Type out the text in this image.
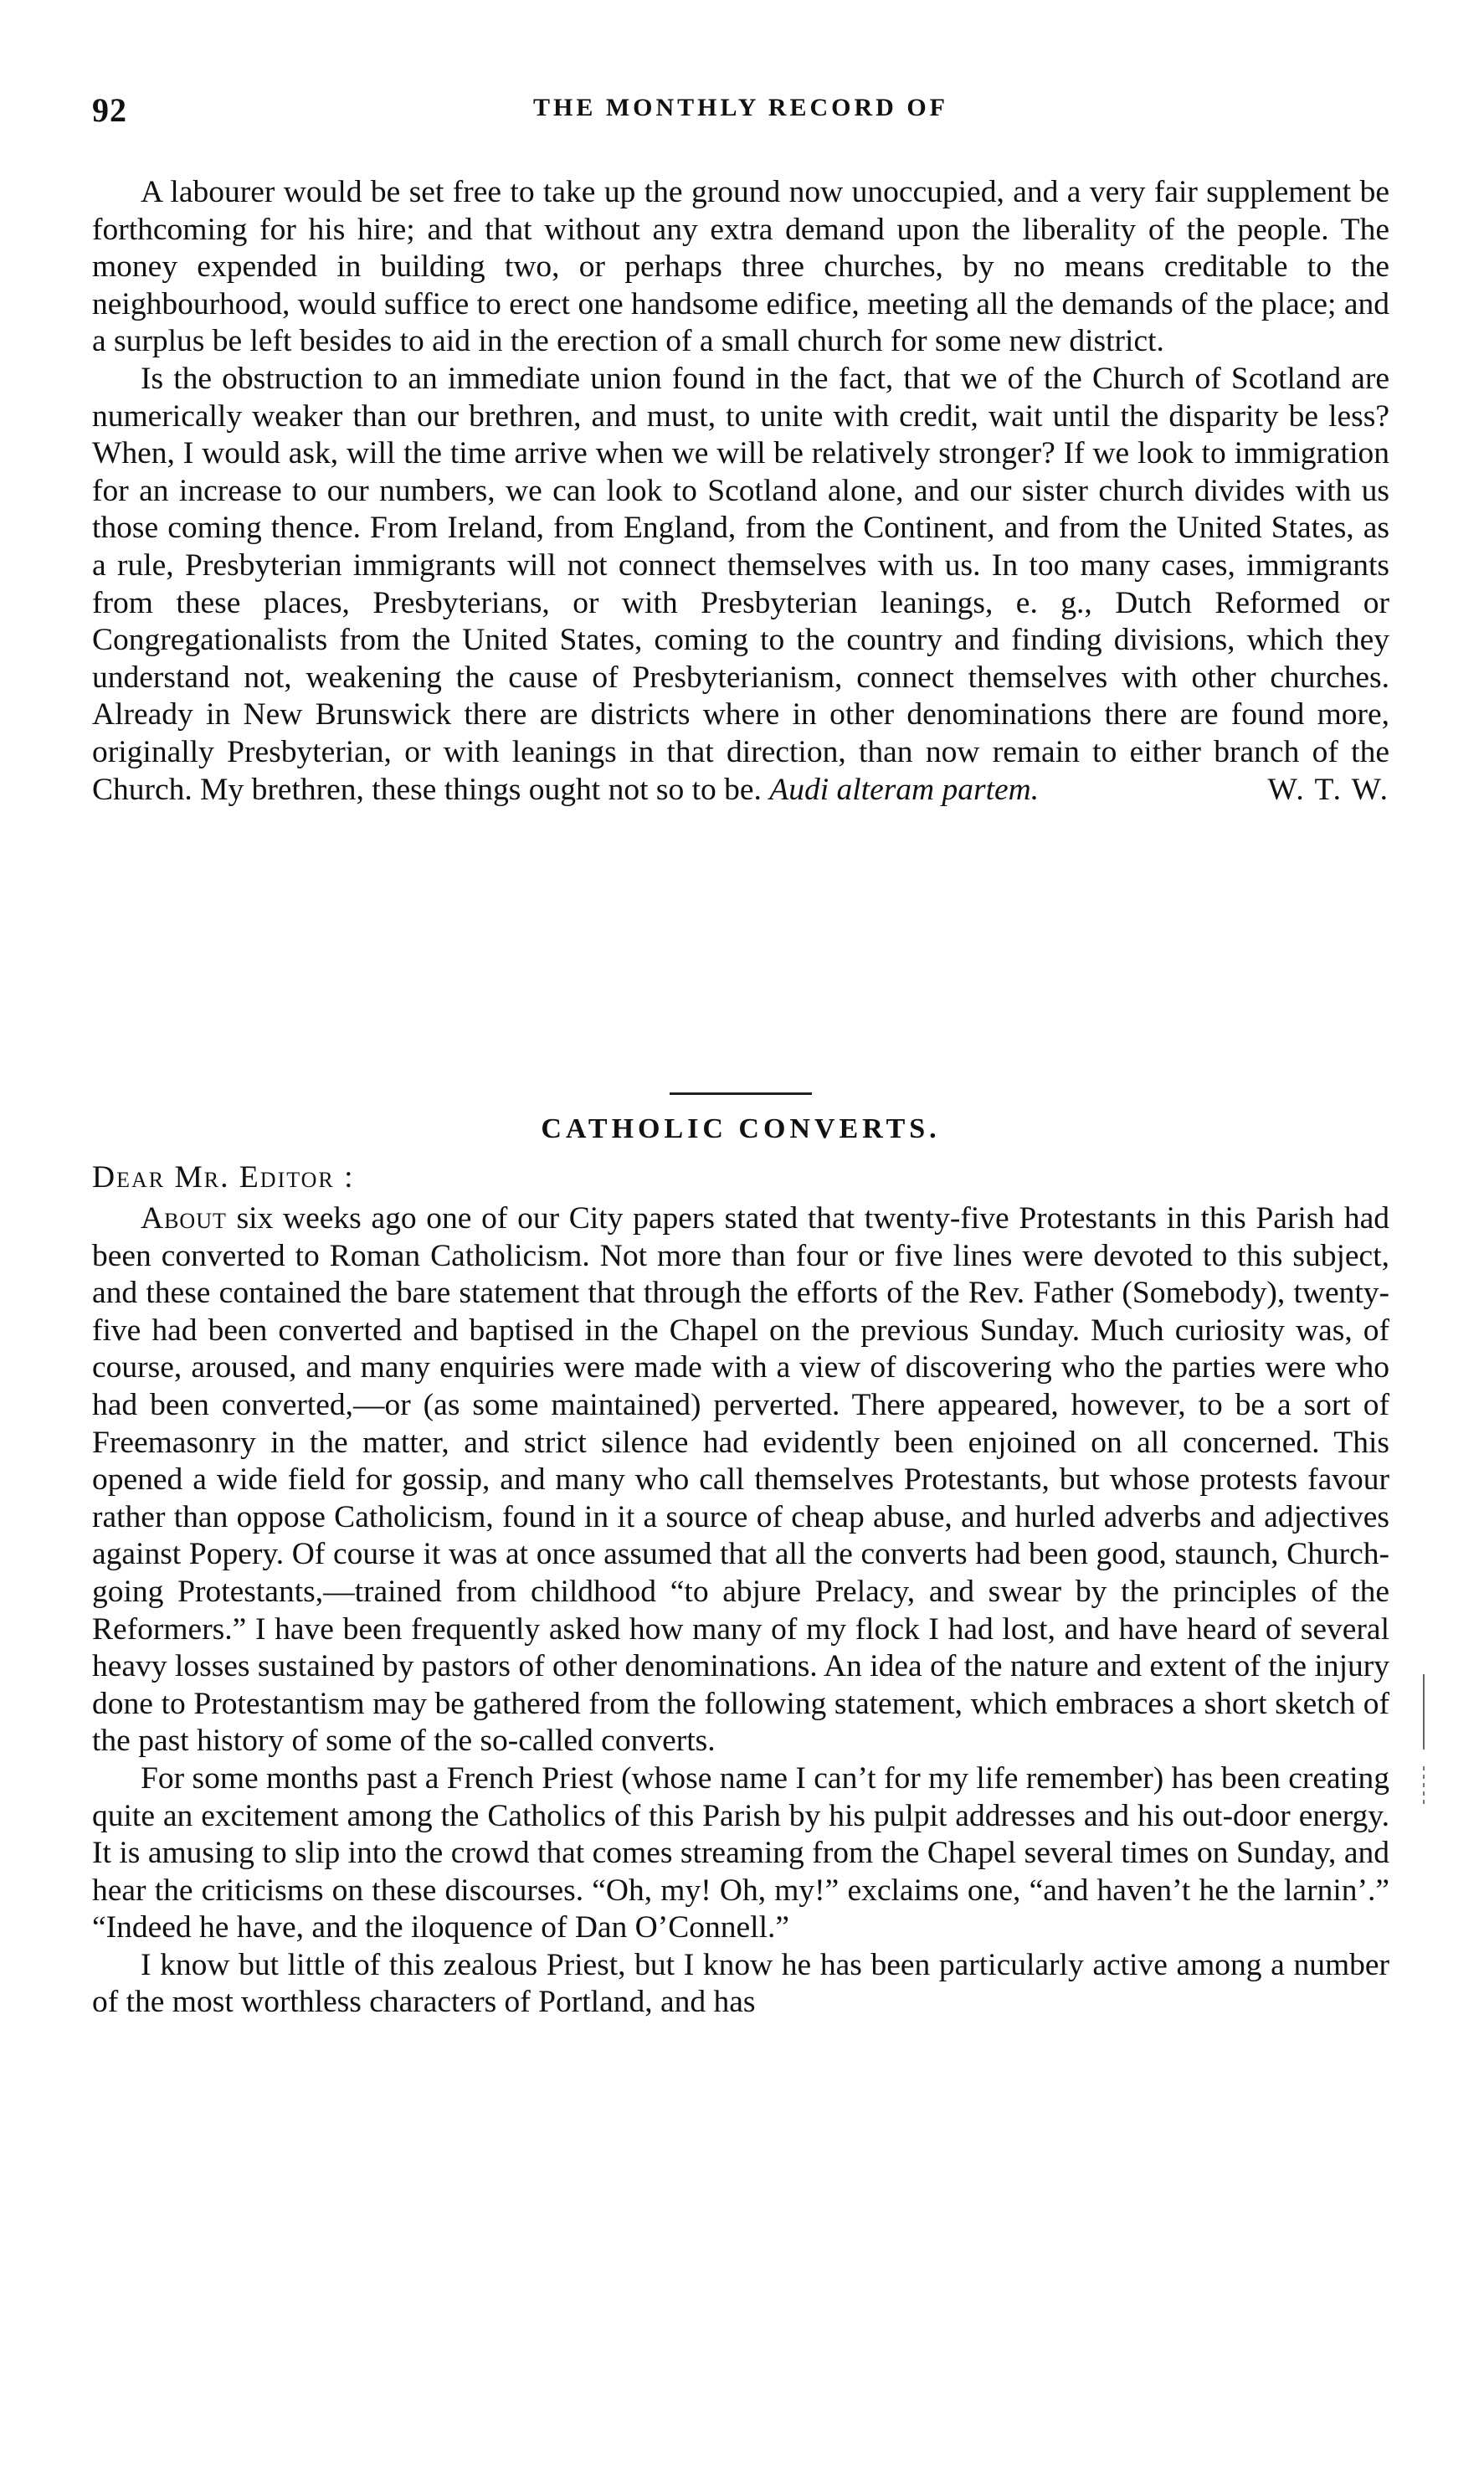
92	THE MONTHLY RECORD OF

A labourer would be set free to take up the ground now unoccupied, and a very fair supplement be forthcoming for his hire; and that without any extra demand upon the liberality of the people. The money expended in building two, or perhaps three churches, by no means creditable to the neighbourhood, would suffice to erect one handsome edifice, meeting all the demands of the place; and a surplus be left besides to aid in the erection of a small church for some new district.

Is the obstruction to an immediate union found in the fact, that we of the Church of Scotland are numerically weaker than our brethren, and must, to unite with credit, wait until the disparity be less? When, I would ask, will the time arrive when we will be relatively stronger? If we look to immigration for an increase to our numbers, we can look to Scotland alone, and our sister church divides with us those coming thence. From Ireland, from England, from the Continent, and from the United States, as a rule, Presbyterian immigrants will not connect themselves with us. In too many cases, immigrants from these places, Presbyterians, or with Presbyterian leanings, e. g., Dutch Reformed or Congregationalists from the United States, coming to the country and finding divisions, which they understand not, weakening the cause of Presbyterianism, connect themselves with other churches. Already in New Brunswick there are districts where in other denominations there are found more, originally Presbyterian, or with leanings in that direction, than now remain to either branch of the Church. My brethren, these things ought not so to be. Audi alteram partem.	W. T. W.

CATHOLIC CONVERTS.
Dear Mr. Editor :

About six weeks ago one of our City papers stated that twenty-five Protestants in this Parish had been converted to Roman Catholicism. Not more than four or five lines were devoted to this subject, and these contained the bare statement that through the efforts of the Rev. Father (Somebody), twenty-five had been converted and baptised in the Chapel on the previous Sunday. Much curiosity was, of course, aroused, and many enquiries were made with a view of discovering who the parties were who had been converted,—or (as some maintained) perverted. There appeared, however, to be a sort of Freemasonry in the matter, and strict silence had evidently been enjoined on all concerned. This opened a wide field for gossip, and many who call themselves Protestants, but whose protests favour rather than oppose Catholicism, found in it a source of cheap abuse, and hurled adverbs and adjectives against Popery. Of course it was at once assumed that all the converts had been good, staunch, Church-going Protestants,—trained from childhood “to abjure Prelacy, and swear by the principles of the Reformers.” I have been frequently asked how many of my flock I had lost, and have heard of several heavy losses sustained by pastors of other denominations. An idea of the nature and extent of the injury done to Protestantism may be gathered from the following statement, which embraces a short sketch of the past history of some of the so-called converts.

For some months past a French Priest (whose name I can’t for my life remember) has been creating quite an excitement among the Catholics of this Parish by his pulpit addresses and his out-door energy. It is amusing to slip into the crowd that comes streaming from the Chapel several times on Sunday, and hear the criticisms on these discourses. “Oh, my! Oh, my!” exclaims one, “and haven’t he the larnin’.” “Indeed he have, and the iloquence of Dan O’Connell.”

I know but little of this zealous Priest, but I know he has been particularly active among a number of the most worthless characters of Portland, and has
